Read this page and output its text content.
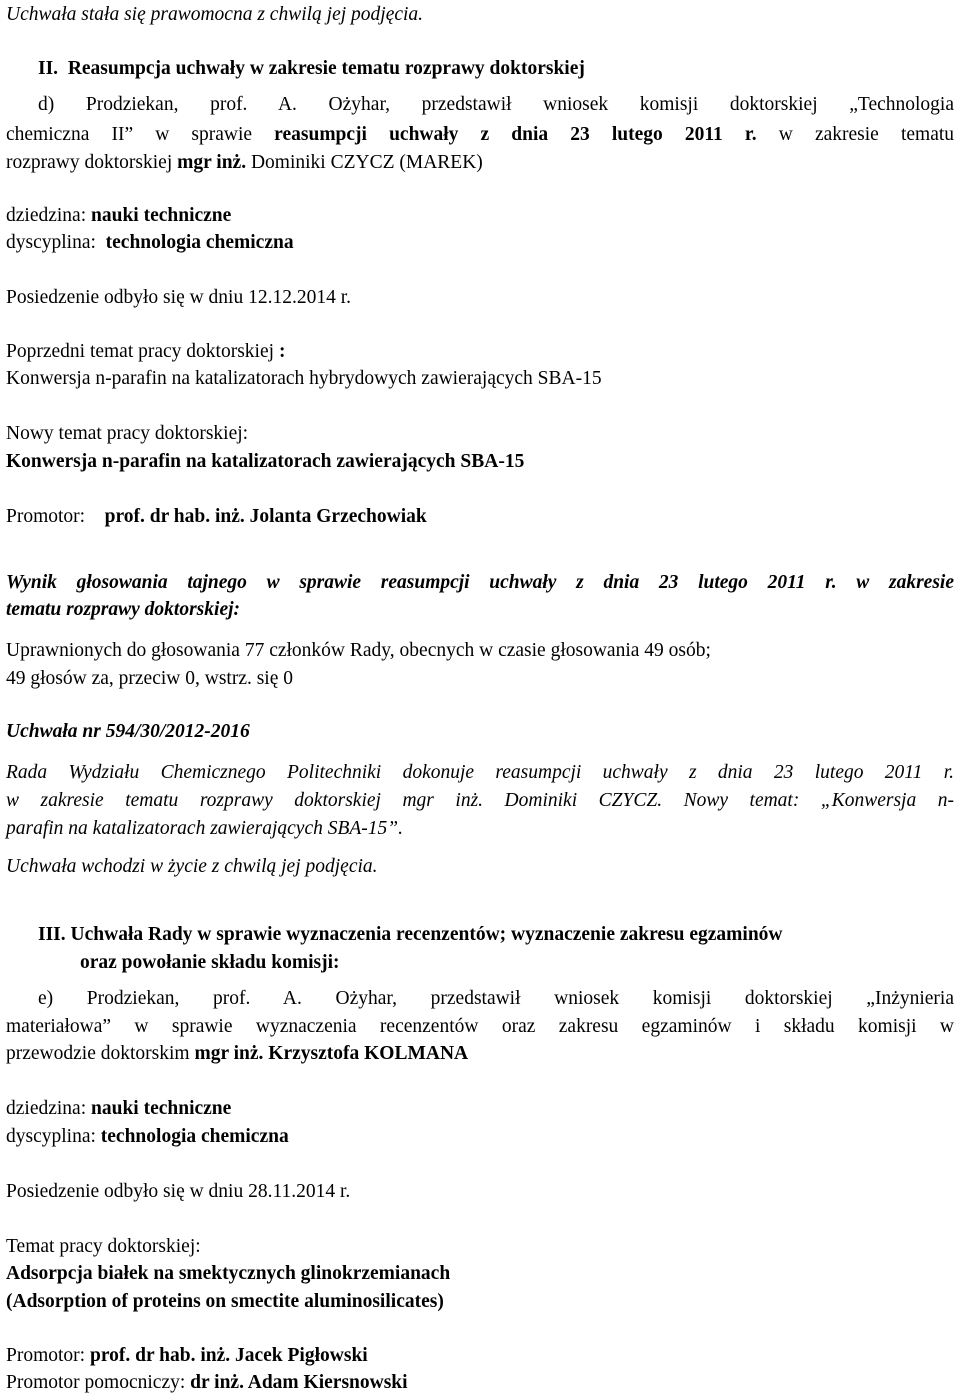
Uchwała stała się prawomocna z chwilą jej podjęcia.
II. Reasumpcja uchwały w zakresie tematu rozprawy doktorskiej
d) Prodziekan, prof. A. Ożyhar, przedstawił wniosek komisji doktorskiej „Technologia
chemiczna II” w sprawie reasumpcji uchwały z dnia 23 lutego 2011 r. w zakresie tematu
rozprawy doktorskiej mgr inż. Dominiki CZYCZ (MAREK)
dziedzina: nauki techniczne
dyscyplina: technologia chemiczna
Posiedzenie odbyło się w dniu 12.12.2014 r.
Poprzedni temat pracy doktorskiej :
Konwersja n-parafin na katalizatorach hybrydowych zawierających SBA-15
Nowy temat pracy doktorskiej:
Konwersja n-parafin na katalizatorach zawierających SBA-15
Promotor: prof. dr hab. inż. Jolanta Grzechowiak
Wynik głosowania tajnego w sprawie reasumpcji uchwały z dnia 23 lutego 2011 r. w zakresie
tematu rozprawy doktorskiej:
Uprawnionych do głosowania 77 członków Rady, obecnych w czasie głosowania 49 osób;
49 głosów za, przeciw 0, wstrz. się 0
Uchwała nr 594/30/2012-2016
Rada Wydziału Chemicznego Politechniki dokonuje reasumpcji uchwały z dnia 23 lutego 2011 r.
w zakresie tematu rozprawy doktorskiej mgr inż. Dominiki CZYCZ. Nowy temat: „Konwersja n-
parafin na katalizatorach zawierających SBA-15”.
Uchwała wchodzi w życie z chwilą jej podjęcia.
III. Uchwała Rady w sprawie wyznaczenia recenzentów; wyznaczenie zakresu egzaminów
oraz powołanie składu komisji:
e) Prodziekan, prof. A. Ożyhar, przedstawił wniosek komisji doktorskiej „Inżynieria
materiałowa” w sprawie wyznaczenia recenzentów oraz zakresu egzaminów i składu komisji w
przewodzie doktorskim mgr inż. Krzysztofa KOLMANA
dziedzina: nauki techniczne
dyscyplina: technologia chemiczna
Posiedzenie odbyło się w dniu 28.11.2014 r.
Temat pracy doktorskiej:
Adsorpcja białek na smektycznych glinokrzemianach
(Adsorption of proteins on smectite aluminosilicates)
Promotor: prof. dr hab. inż. Jacek Pigłowski
Promotor pomocniczy: dr inż. Adam Kiersnowski
